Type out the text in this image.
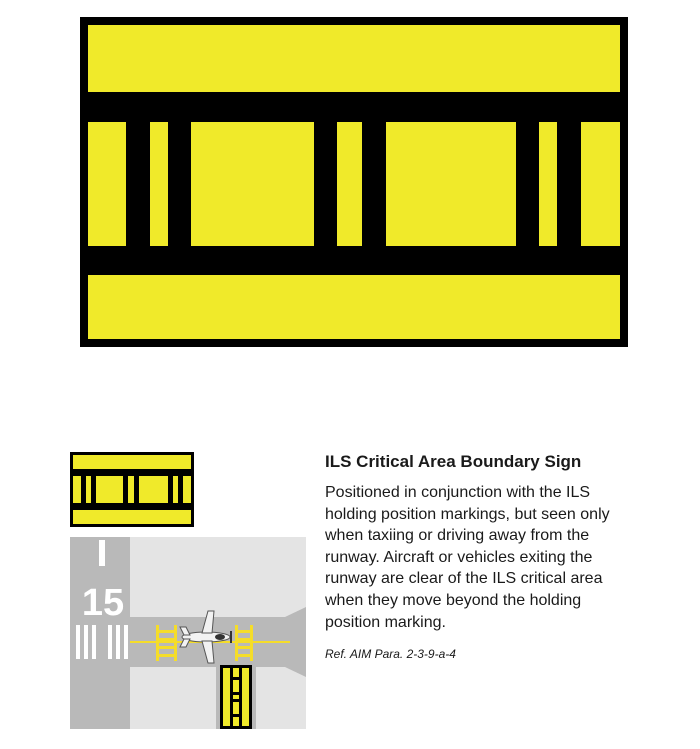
15
ILS Critical Area Boundary Sign

Positioned in conjunction with the ILS holding position markings, but seen only when taxiing or driving away from the runway. Aircraft or vehicles exiting the runway are clear of the ILS critical area when they move beyond the holding position marking.

Ref. AIM Para. 2-3-9-a-4
